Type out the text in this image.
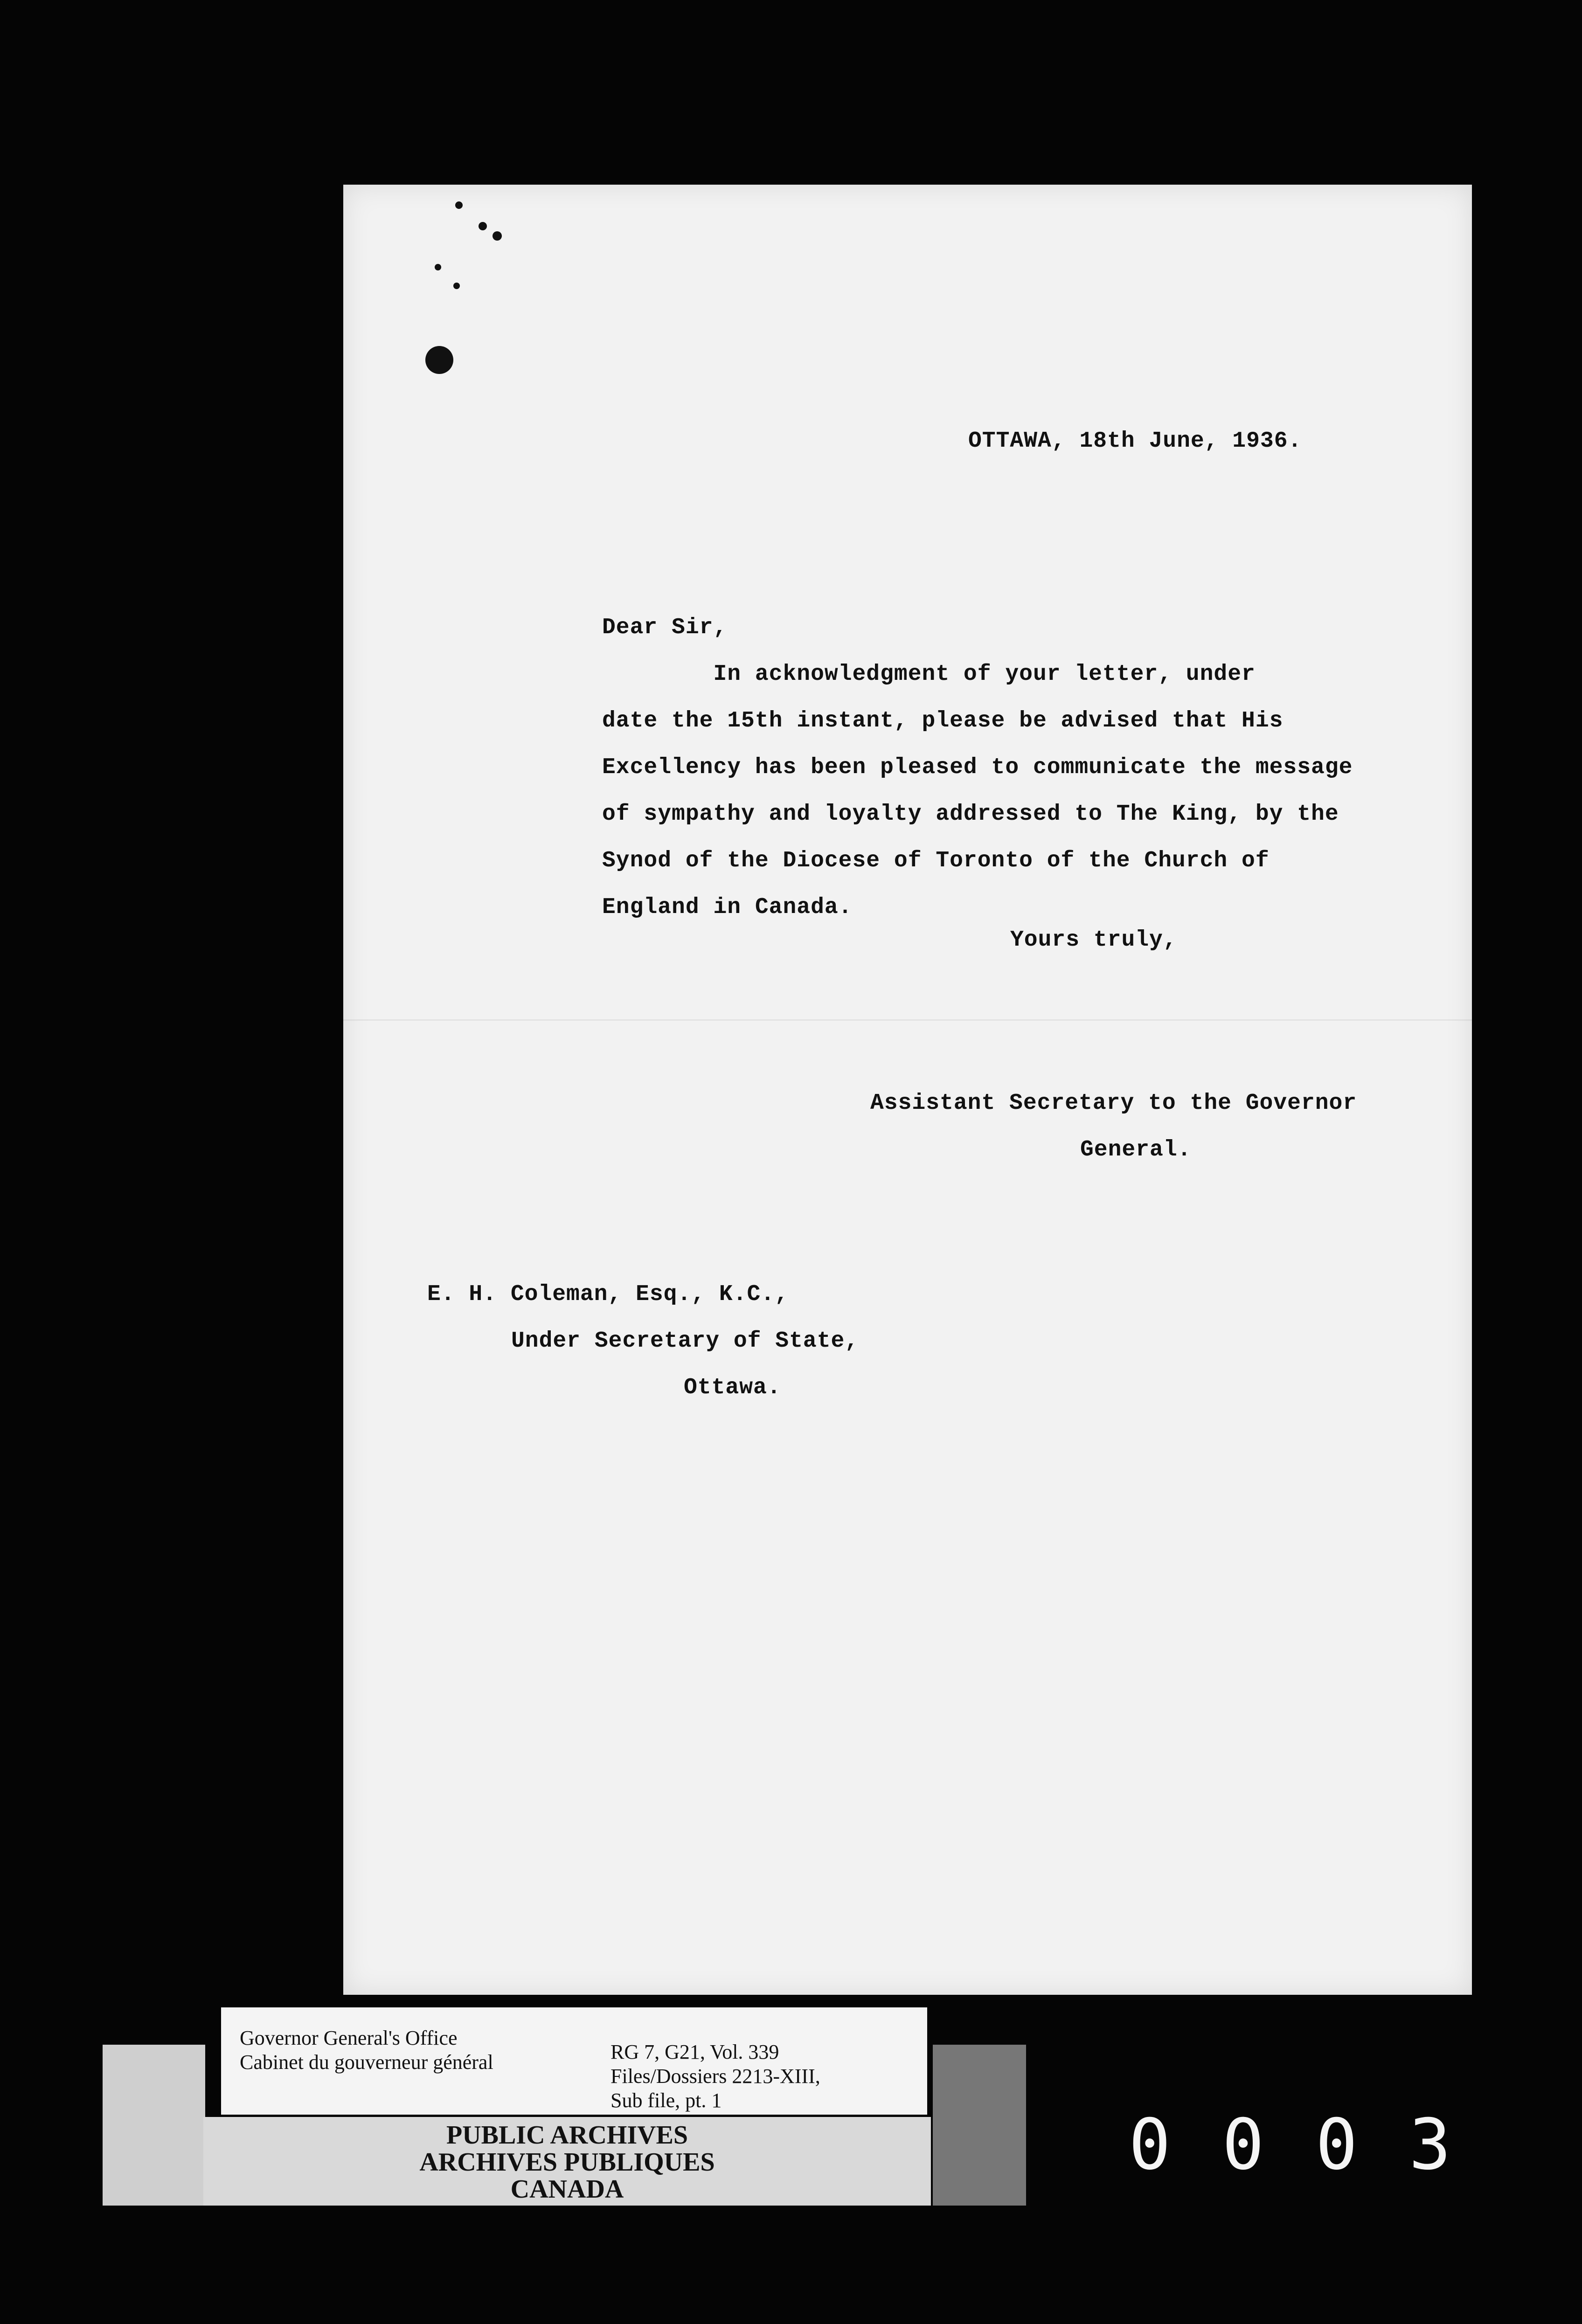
OTTAWA, 18th June, 1936.

Dear Sir,

In acknowledgment of your letter, under

date the 15th instant, please be advised that His

Excellency has been pleased to communicate the message

of sympathy and loyalty addressed to The King, by the

Synod of the Diocese of Toronto of the Church of

England in Canada.

Yours truly,

Assistant Secretary to the Governor

General.

E. H. Coleman, Esq., K.C.,

Under Secretary of State,

Ottawa.

Governor General's Office
Cabinet du gouverneur général	RG 7, G21, Vol. 339
Files/Dossiers 2213-XIII,
Sub file, pt. 1
PUBLIC ARCHIVES
ARCHIVES PUBLIQUES
CANADA
0003
